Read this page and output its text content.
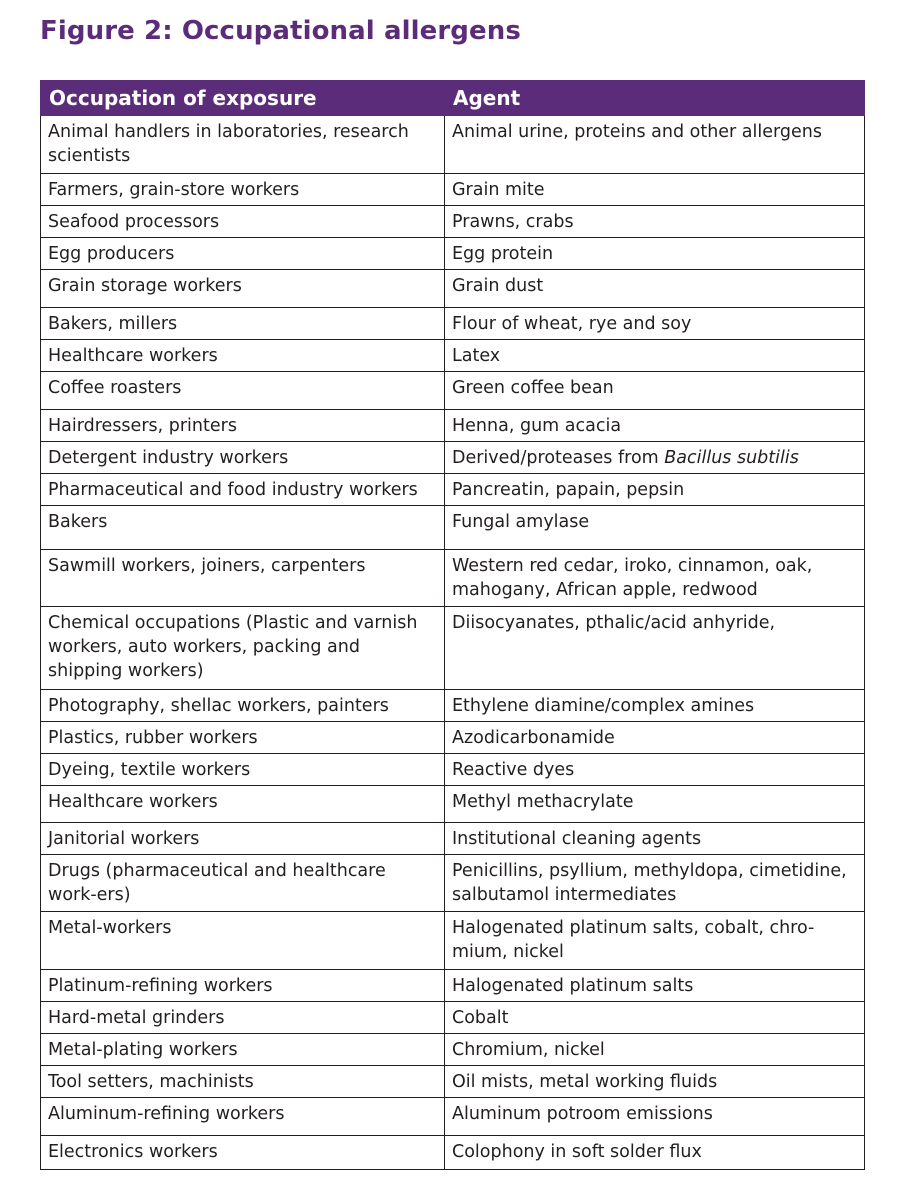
Figure 2: Occupational allergens
Occupation of exposure	Agent
Animal handlers in laboratories, research scientists	Animal urine, proteins and other allergens
Farmers, grain-store workers	Grain mite
Seafood processors	Prawns, crabs
Egg producers	Egg protein
Grain storage workers	Grain dust
Bakers, millers	Flour of wheat, rye and soy
Healthcare workers	Latex
Coffee roasters	Green coffee bean
Hairdressers, printers	Henna, gum acacia
Detergent industry workers	Derived/proteases from Bacillus subtilis
Pharmaceutical and food industry workers	Pancreatin, papain, pepsin
Bakers	Fungal amylase
Sawmill workers, joiners, carpenters	Western red cedar, iroko, cinnamon, oak, mahogany, African apple, redwood
Chemical occupations (Plastic and varnish workers, auto workers, packing and shipping workers)	Diisocyanates, pthalic/acid anhyride,
Photography, shellac workers, painters	Ethylene diamine/complex amines
Plastics, rubber workers	Azodicarbonamide
Dyeing, textile workers	Reactive dyes
Healthcare workers	Methyl methacrylate
Janitorial workers	Institutional cleaning agents
Drugs (pharmaceutical and healthcare work-ers)	Penicillins, psyllium, methyldopa, cimetidine, salbutamol intermediates
Metal-workers	Halogenated platinum salts, cobalt, chro-mium, nickel
Platinum-refining workers	Halogenated platinum salts
Hard-metal grinders	Cobalt
Metal-plating workers	Chromium, nickel
Tool setters, machinists	Oil mists, metal working fluids
Aluminum-refining workers	Aluminum potroom emissions
Electronics workers	Colophony in soft solder flux
